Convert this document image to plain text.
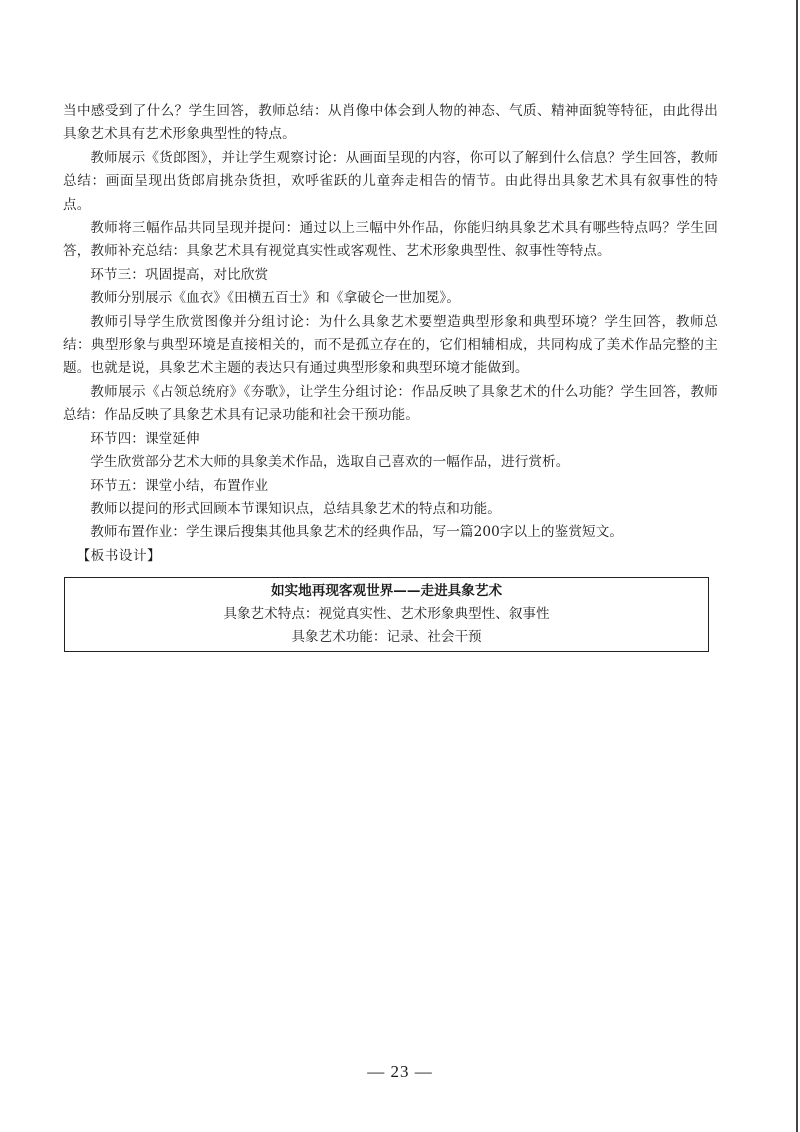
当中感受到了什么？学生回答，教师总结：从肖像中体会到人物的神态、气质、精神面貌等特征，由此得出具象艺术具有艺术形象典型性的特点。

教师展示《货郎图》，并让学生观察讨论：从画面呈现的内容，你可以了解到什么信息？学生回答，教师总结：画面呈现出货郎肩挑杂货担，欢呼雀跃的儿童奔走相告的情节。由此得出具象艺术具有叙事性的特点。

教师将三幅作品共同呈现并提问：通过以上三幅中外作品，你能归纳具象艺术具有哪些特点吗？学生回答，教师补充总结：具象艺术具有视觉真实性或客观性、艺术形象典型性、叙事性等特点。

环节三：巩固提高，对比欣赏

教师分别展示《血衣》《田横五百士》和《拿破仑一世加冕》。

教师引导学生欣赏图像并分组讨论：为什么具象艺术要塑造典型形象和典型环境？学生回答，教师总结：典型形象与典型环境是直接相关的，而不是孤立存在的，它们相辅相成，共同构成了美术作品完整的主题。也就是说，具象艺术主题的表达只有通过典型形象和典型环境才能做到。

教师展示《占领总统府》《夯歌》，让学生分组讨论：作品反映了具象艺术的什么功能？学生回答，教师总结：作品反映了具象艺术具有记录功能和社会干预功能。

环节四：课堂延伸

学生欣赏部分艺术大师的具象美术作品，选取自己喜欢的一幅作品，进行赏析。

环节五：课堂小结，布置作业

教师以提问的形式回顾本节课知识点，总结具象艺术的特点和功能。

教师布置作业：学生课后搜集其他具象艺术的经典作品，写一篇200字以上的鉴赏短文。

【板书设计】

如实地再现客观世界——走进具象艺术
具象艺术特点：视觉真实性、艺术形象典型性、叙事性
具象艺术功能：记录、社会干预
— 23 —
